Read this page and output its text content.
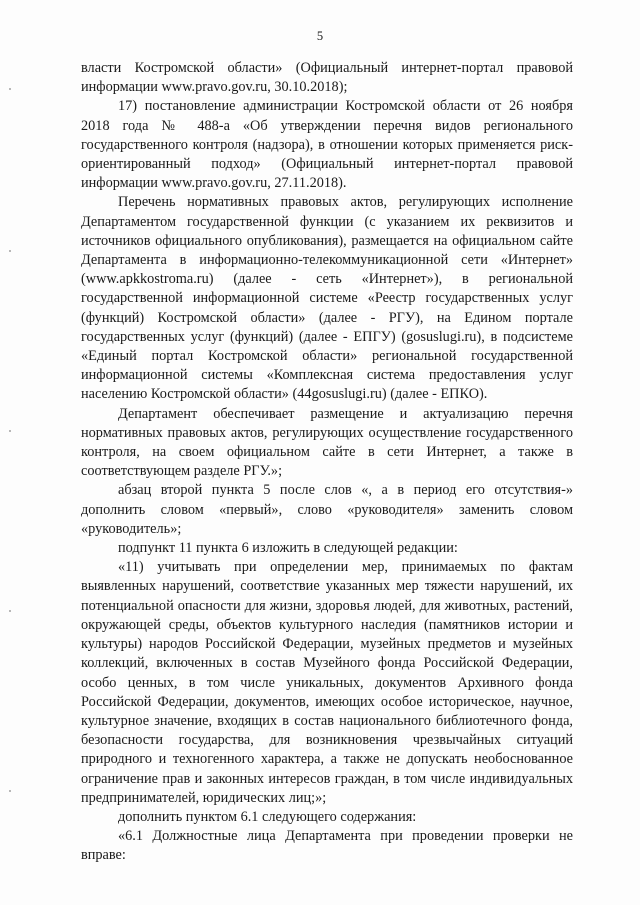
5

власти Костромской области» (Официальный интернет-портал правовой информации www.pravo.gov.ru, 30.10.2018);

17) постановление администрации Костромской области от 26 ноября 2018 года № 488-а «Об утверждении перечня видов регионального государственного контроля (надзора), в отношении которых применяется риск-ориентированный подход» (Официальный интернет-портал правовой информации www.pravo.gov.ru, 27.11.2018).

Перечень нормативных правовых актов, регулирующих исполнение Департаментом государственной функции (с указанием их реквизитов и источников официального опубликования), размещается на официальном сайте Департамента в информационно-телекоммуникационной сети «Интернет» (www.apkkostroma.ru) (далее - сеть «Интернет»), в региональной государственной информационной системе «Реестр государственных услуг (функций) Костромской области» (далее - РГУ), на Едином портале государственных услуг (функций) (далее - ЕПГУ) (gosuslugi.ru), в подсистеме «Единый портал Костромской области» региональной государственной информационной системы «Комплексная система предоставления услуг населению Костромской области» (44gosuslugi.ru) (далее - ЕПКО).

Департамент обеспечивает размещение и актуализацию перечня нормативных правовых актов, регулирующих осуществление государственного контроля, на своем официальном сайте в сети Интернет, а также в соответствующем разделе РГУ.»;

абзац второй пункта 5 после слов «, а в период его отсутствия-» дополнить словом «первый», слово «руководителя» заменить словом «руководитель»;

подпункт 11 пункта 6 изложить в следующей редакции:

«11) учитывать при определении мер, принимаемых по фактам выявленных нарушений, соответствие указанных мер тяжести нарушений, их потенциальной опасности для жизни, здоровья людей, для животных, растений, окружающей среды, объектов культурного наследия (памятников истории и культуры) народов Российской Федерации, музейных предметов и музейных коллекций, включенных в состав Музейного фонда Российской Федерации, особо ценных, в том числе уникальных, документов Архивного фонда Российской Федерации, документов, имеющих особое историческое, научное, культурное значение, входящих в состав национального библиотечного фонда, безопасности государства, для возникновения чрезвычайных ситуаций природного и техногенного характера, а также не допускать необоснованное ограничение прав и законных интересов граждан, в том числе индивидуальных предпринимателей, юридических лиц;»;

дополнить пунктом 6.1 следующего содержания:

«6.1 Должностные лица Департамента при проведении проверки не вправе:
